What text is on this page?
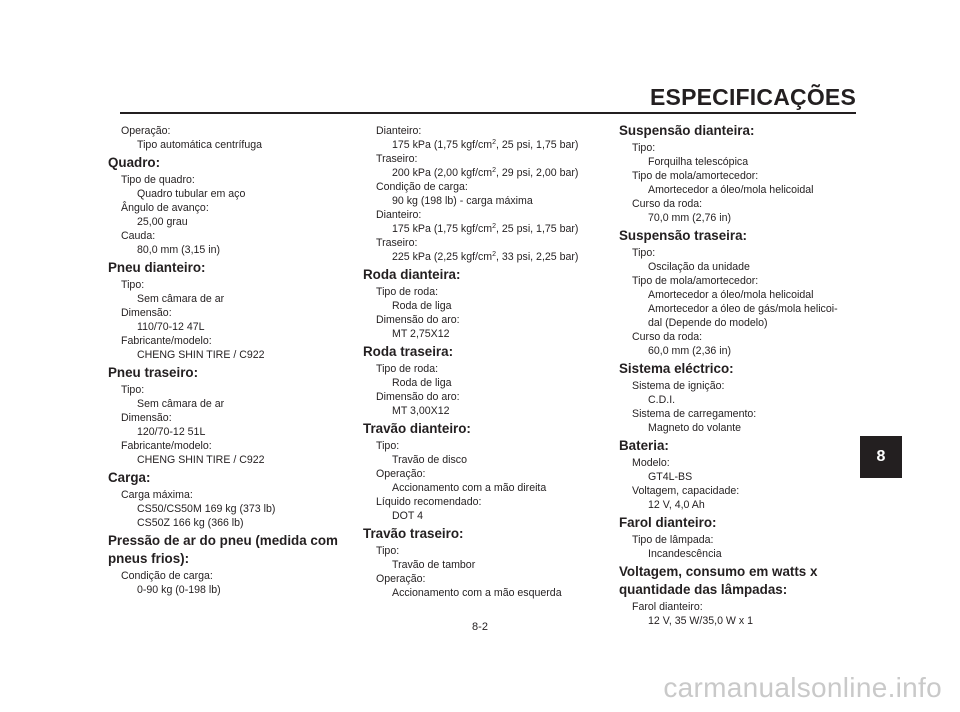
ESPECIFICAÇÕES
Operação:
Tipo automática centrífuga
Quadro:
Tipo de quadro:
Quadro tubular em aço
Ângulo de avanço:
25,00 grau
Cauda:
80,0 mm (3,15 in)
Pneu dianteiro:
Tipo:
Sem câmara de ar
Dimensão:
110/70-12 47L
Fabricante/modelo:
CHENG SHIN TIRE / C922
Pneu traseiro:
Tipo:
Sem câmara de ar
Dimensão:
120/70-12 51L
Fabricante/modelo:
CHENG SHIN TIRE / C922
Carga:
Carga máxima:
CS50/CS50M 169 kg (373 lb)
CS50Z 166 kg (366 lb)
Pressão de ar do pneu (medida com
pneus frios):
Condição de carga:
0-90 kg (0-198 lb)
Dianteiro:
175 kPa (1,75 kgf/$cm^2$, 25 psi, 1,75 bar)
Traseiro:
200 kPa (2,00 kgf/$cm^2$, 29 psi, 2,00 bar)
Condição de carga:
90 kg (198 lb) - carga máxima
Dianteiro:
175 kPa (1,75 kgf/$cm^2$, 25 psi, 1,75 bar)
Traseiro:
225 kPa (2,25 kgf/$cm^2$, 33 psi, 2,25 bar)
Roda dianteira:
Tipo de roda:
Roda de liga
Dimensão do aro:
MT 2,75X12
Roda traseira:
Tipo de roda:
Roda de liga
Dimensão do aro:
MT 3,00X12
Travão dianteiro:
Tipo:
Travão de disco
Operação:
Accionamento com a mão direita
Líquido recomendado:
DOT 4
Travão traseiro:
Tipo:
Travão de tambor
Operação:
Accionamento com a mão esquerda
Suspensão dianteira:
Tipo:
Forquilha telescópica
Tipo de mola/amortecedor:
Amortecedor a óleo/mola helicoidal
Curso da roda:
70,0 mm (2,76 in)
Suspensão traseira:
Tipo:
Oscilação da unidade
Tipo de mola/amortecedor:
Amortecedor a óleo/mola helicoidal
Amortecedor a óleo de gás/mola helicoi-
dal (Depende do modelo)
Curso da roda:
60,0 mm (2,36 in)
Sistema eléctrico:
Sistema de ignição:
C.D.I.
Sistema de carregamento:
Magneto do volante
Bateria:
Modelo:
GT4L-BS
Voltagem, capacidade:
12 V, 4,0 Ah
Farol dianteiro:
Tipo de lâmpada:
Incandescência
Voltagem, consumo em watts x
quantidade das lâmpadas:
Farol dianteiro:
12 V, 35 W/35,0 W x 1
8
8-2
carmanualsonline.info
